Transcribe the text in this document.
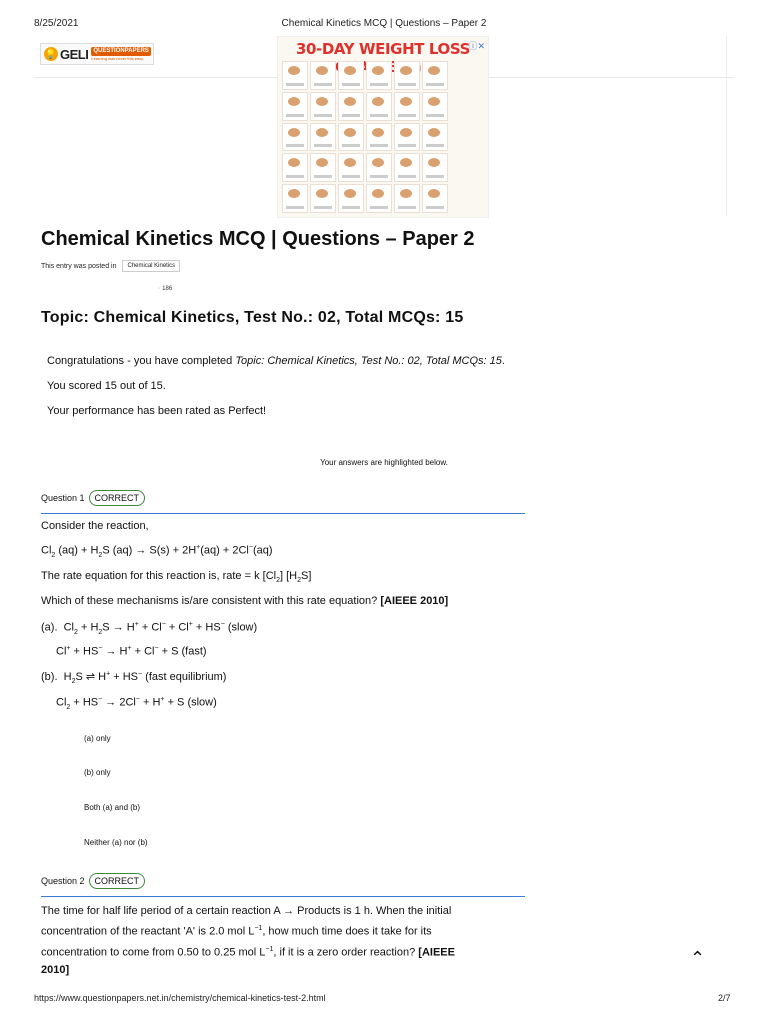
8/25/2021	Chemical Kinetics MCQ | Questions – Paper 2
💡 GELI QUESTIONPAPERS
Learning was never this easy	30-DAY WEIGHT LOSS
ⓘ✕
Chemical Kinetics MCQ | Questions – Paper 2
This entry was posted in	Chemical Kinetics
◦ 186
Topic: Chemical Kinetics, Test No.: 02, Total MCQs: 15
Congratulations - you have completed Topic: Chemical Kinetics, Test No.: 02, Total MCQs: 15.
You scored 15 out of 15.
Your performance has been rated as Perfect!
Your answers are highlighted below.
Question 1	CORRECT
Consider the reaction,
$Cl_2$ $(aq) + H_2S$ (aq) → S(s) + 2H+(aq) + 2Cl−(aq)
The rate equation for this reaction is, rate = k $[Cl_2]$ $[H_2S]$
Which of these mechanisms is/are consistent with this rate equation? [AIEEE 2010]
(a).  $Cl_2 + H_2S \to H^+ + Cl^- + Cl^+ + HS^-$ (slow)
Cl+ + HS− → H+ + Cl− + S (fast)
(b).  $H_2S$ ⇌ H+ + HS− (fast equilibrium)
$Cl_2 + HS^- \to 2Cl^- + H^+ + S$ (slow)
(a) only
(b) only
Both (a) and (b)
Neither (a) nor (b)
Question 2	CORRECT
The time for half life period of a certain reaction A → Products is 1 h. When the initial
concentration of the reactant 'A' is 2.0 mol $L^{-1}$, how much time does it take for its
concentration to come from 0.50 to 0.25 mol $L^{-1}$, if it is a zero order reaction? [AIEEE 2010]
⌃
https://www.questionpapers.net.in/chemistry/chemical-kinetics-test-2.html	2/7
